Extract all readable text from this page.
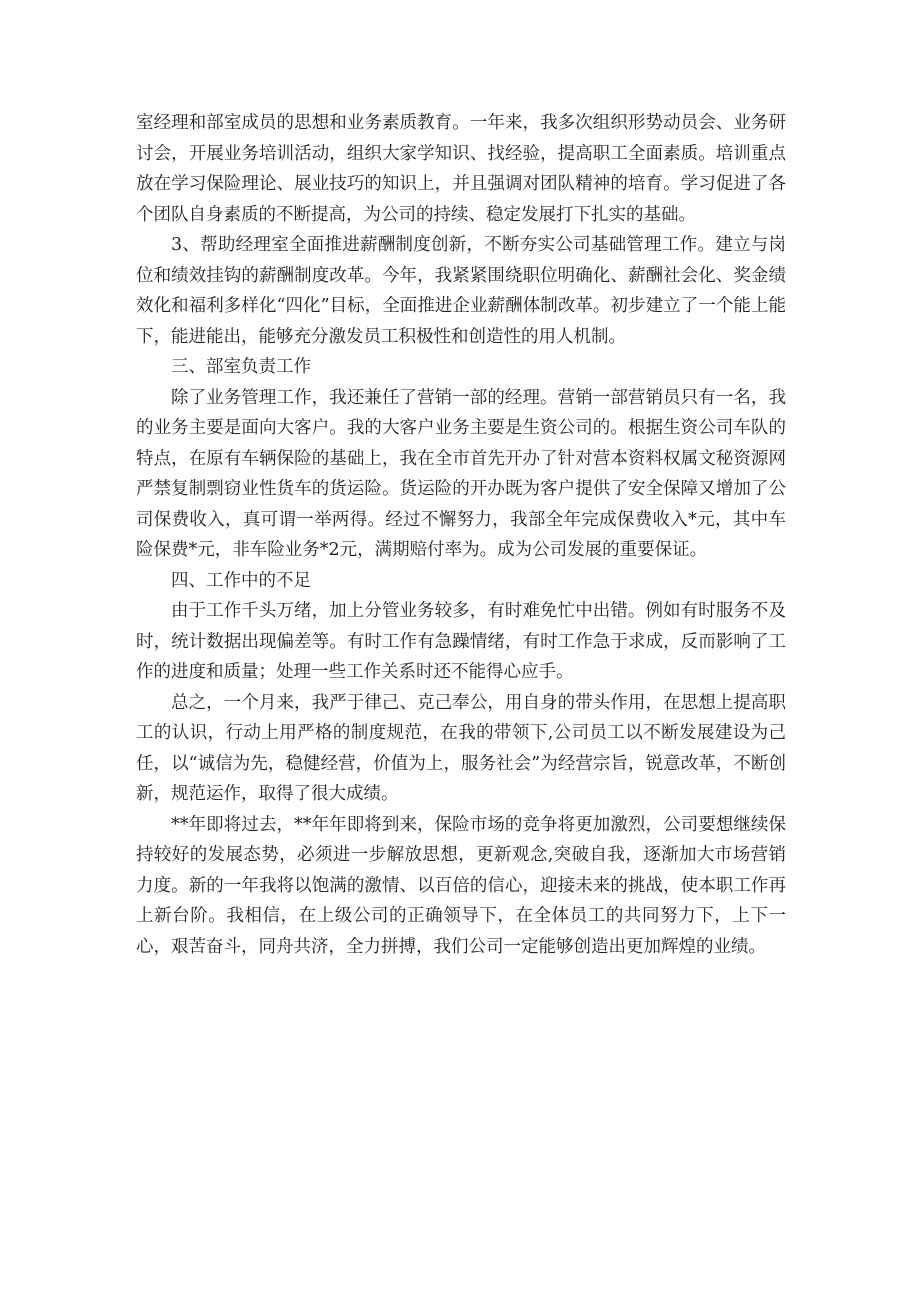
室经理和部室成员的思想和业务素质教育。一年来，我多次组织形势动员会、业务研讨会，开展业务培训活动，组织大家学知识、找经验，提高职工全面素质。培训重点放在学习保险理论、展业技巧的知识上，并且强调对团队精神的培育。学习促进了各个团队自身素质的不断提高，为公司的持续、稳定发展打下扎实的基础。

3、帮助经理室全面推进薪酬制度创新，不断夯实公司基础管理工作。建立与岗位和绩效挂钩的薪酬制度改革。今年，我紧紧围绕职位明确化、薪酬社会化、奖金绩效化和福利多样化“四化”目标，全面推进企业薪酬体制改革。初步建立了一个能上能下，能进能出，能够充分激发员工积极性和创造性的用人机制。

三、部室负责工作

除了业务管理工作，我还兼任了营销一部的经理。营销一部营销员只有一名，我的业务主要是面向大客户。我的大客户业务主要是生资公司的。根据生资公司车队的特点，在原有车辆保险的基础上，我在全市首先开办了针对营本资料权属文秘资源网严禁复制剽窃业性货车的货运险。货运险的开办既为客户提供了安全保障又增加了公司保费收入，真可谓一举两得。经过不懈努力，我部全年完成保费收入*元，其中车险保费*元，非车险业务*2元，满期赔付率为。成为公司发展的重要保证。

四、工作中的不足

由于工作千头万绪，加上分管业务较多，有时难免忙中出错。例如有时服务不及时，统计数据出现偏差等。有时工作有急躁情绪，有时工作急于求成，反而影响了工作的进度和质量；处理一些工作关系时还不能得心应手。

总之，一个月来，我严于律己、克己奉公，用自身的带头作用，在思想上提高职工的认识，行动上用严格的制度规范，在我的带领下,公司员工以不断发展建设为己任，以“诚信为先，稳健经营，价值为上，服务社会”为经营宗旨，锐意改革，不断创新，规范运作，取得了很大成绩。

**年即将过去，**年年即将到来，保险市场的竞争将更加激烈，公司要想继续保持较好的发展态势，必须进一步解放思想，更新观念,突破自我，逐渐加大市场营销力度。新的一年我将以饱满的激情、以百倍的信心，迎接未来的挑战，使本职工作再上新台阶。我相信，在上级公司的正确领导下，在全体员工的共同努力下，上下一心，艰苦奋斗，同舟共济，全力拼搏，我们公司一定能够创造出更加辉煌的业绩。
